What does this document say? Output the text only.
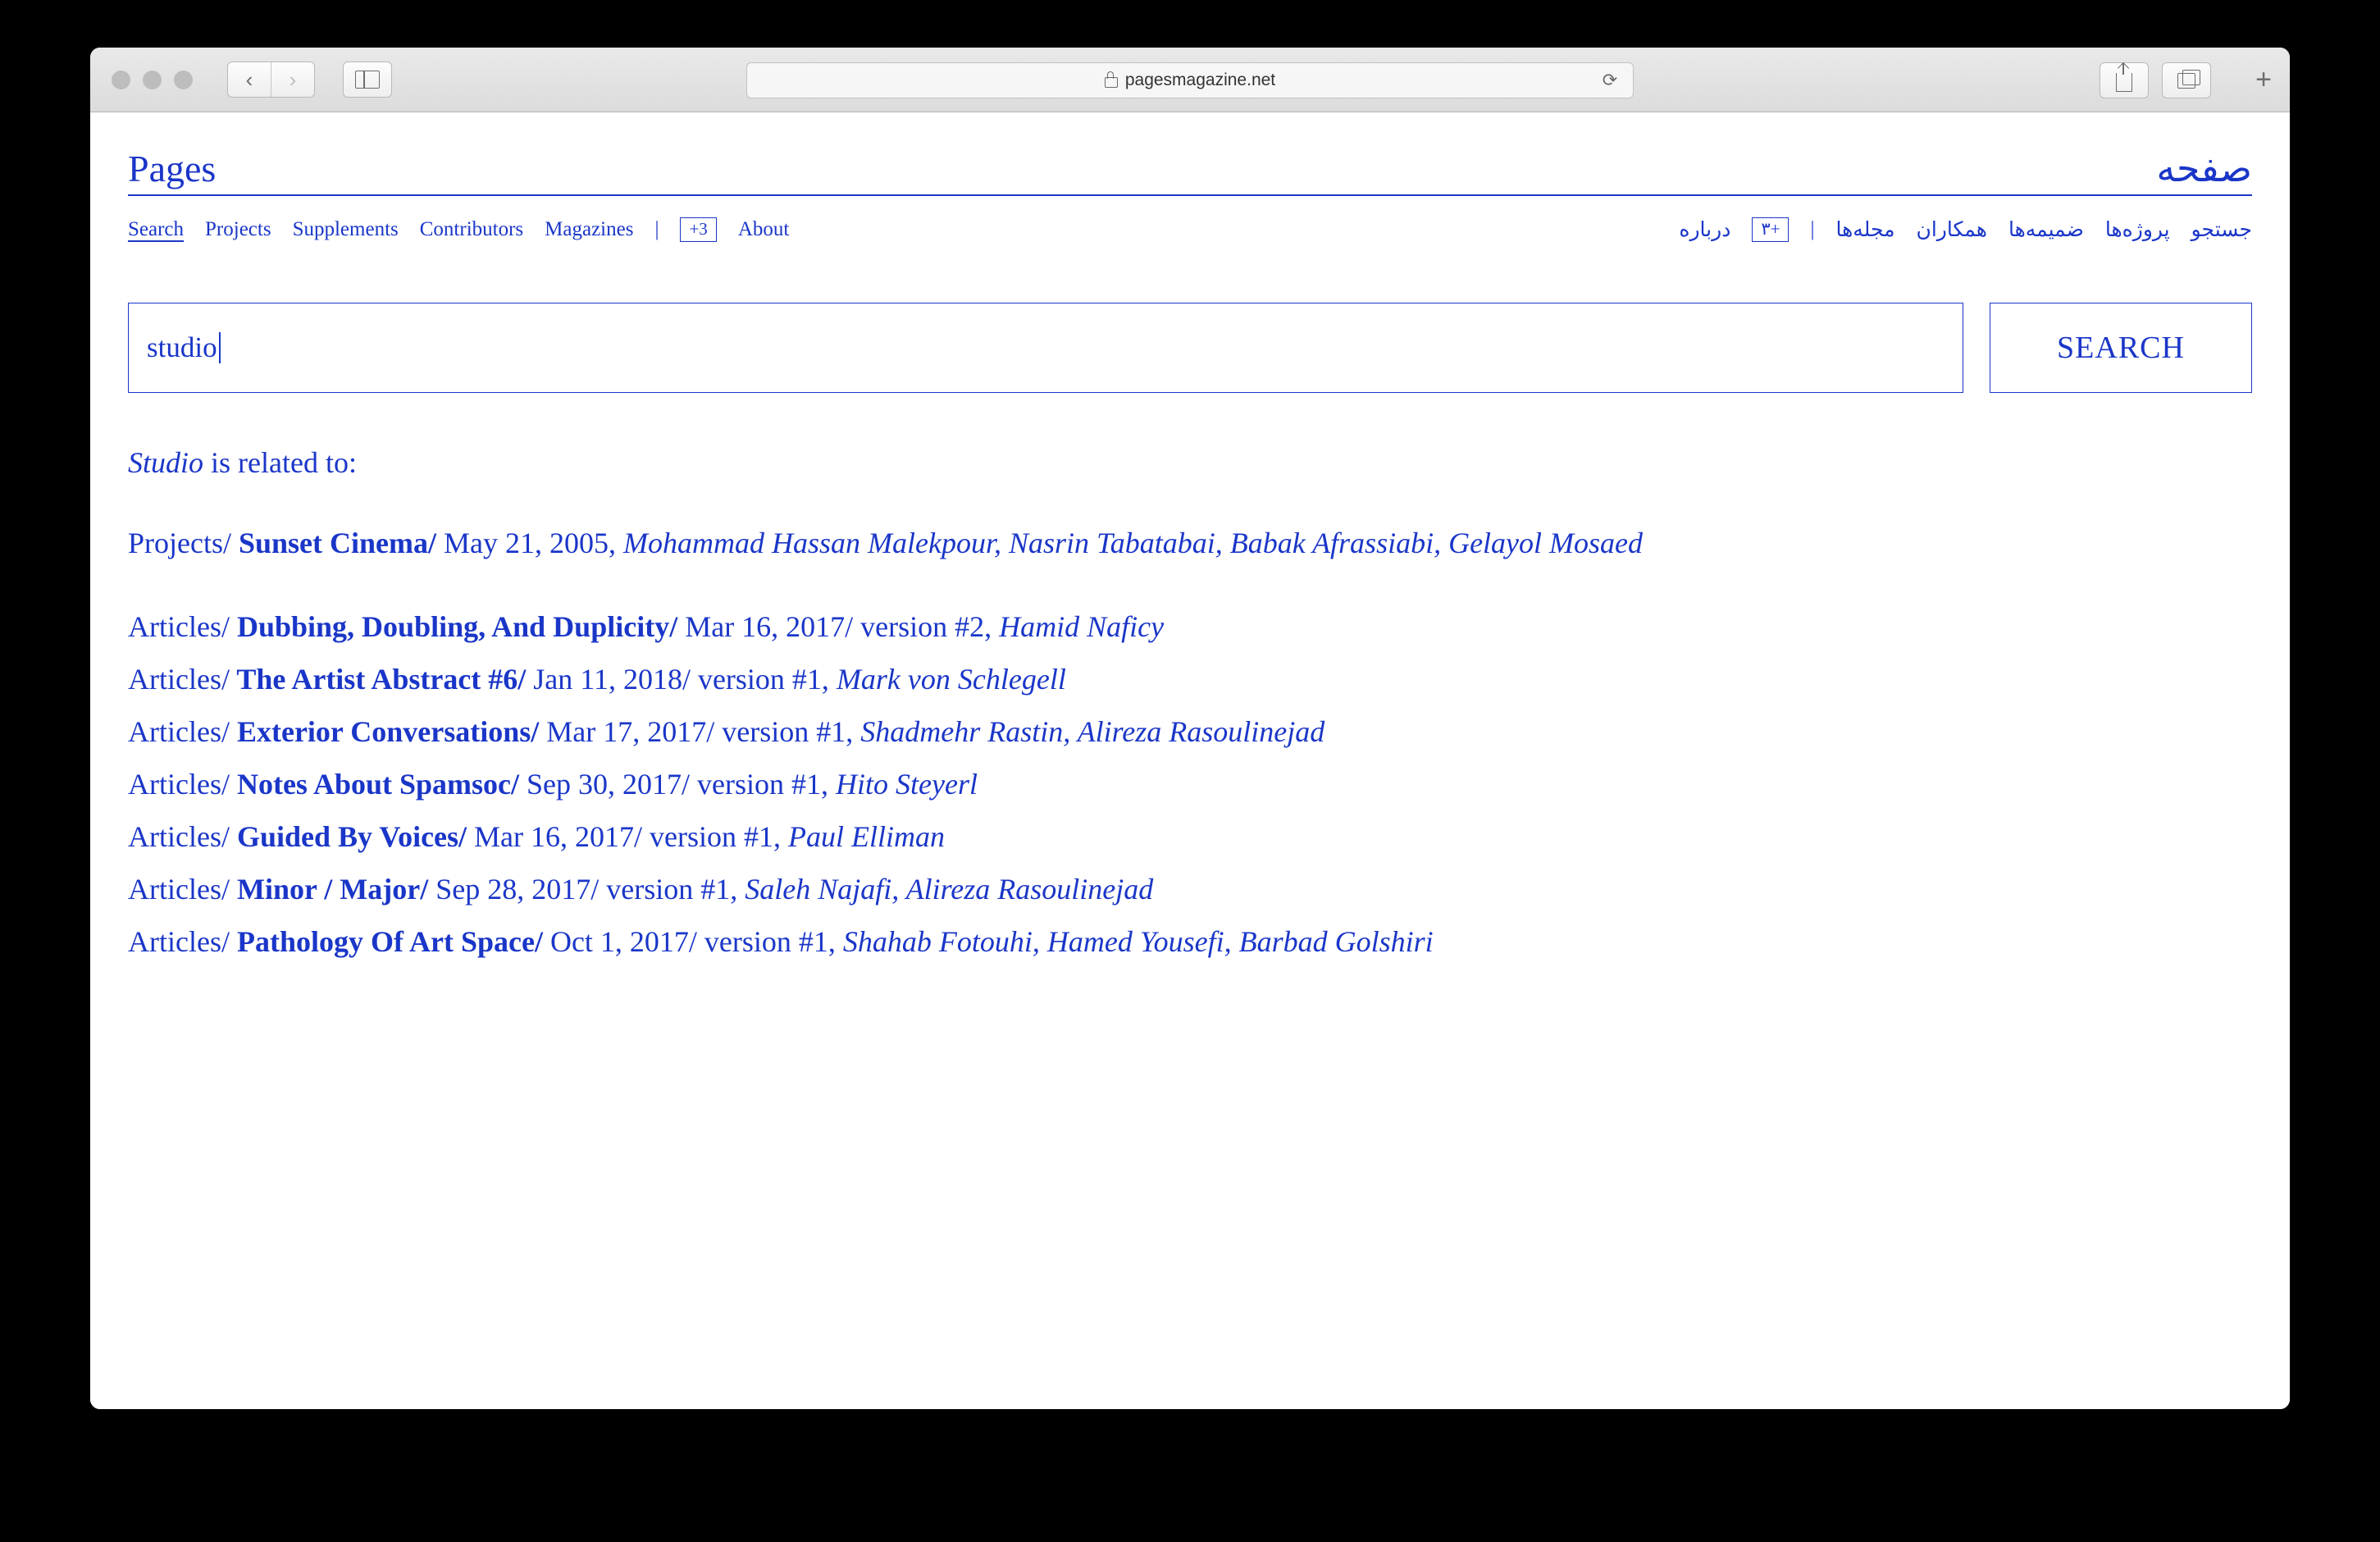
‹	›	pagesmagazine.net	⟳	+
Pages	صفحه
Search Projects Supplements Contributors Magazines |	+3	About	جستجو
پروژه‌ها
ضمیمه‌ها
همکاران
مجله‌ها
|
+۳
درباره
studio	SEARCH
Studio is related to:
Projects/ Sunset Cinema/ May 21, 2005, Mohammad Hassan Malekpour, Nasrin Tabatabai, Babak Afrassiabi, Gelayol Mosaed
Articles/ Dubbing, Doubling, And Duplicity/ Mar 16, 2017/ version #2, Hamid Naficy
Articles/ The Artist Abstract #6/ Jan 11, 2018/ version #1, Mark von Schlegell
Articles/ Exterior Conversations/ Mar 17, 2017/ version #1, Shadmehr Rastin, Alireza Rasoulinejad
Articles/ Notes About Spamsoc/ Sep 30, 2017/ version #1, Hito Steyerl
Articles/ Guided By Voices/ Mar 16, 2017/ version #1, Paul Elliman
Articles/ Minor / Major/ Sep 28, 2017/ version #1, Saleh Najafi, Alireza Rasoulinejad
Articles/ Pathology Of Art Space/ Oct 1, 2017/ version #1, Shahab Fotouhi, Hamed Yousefi, Barbad Golshiri
